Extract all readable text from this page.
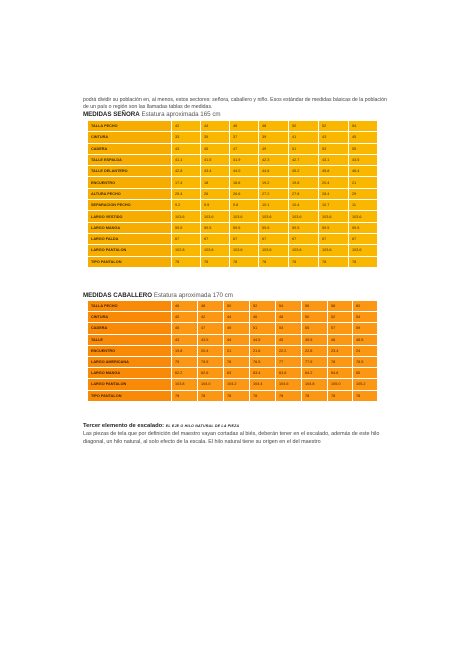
podrá dividir su población en, al menos, estos sectores: señora, caballero y niño. Esos estándar de medidas básicas de la población de un país o región son las llamadas tablas de medidas.
MEDIDAS SEÑORA Estatura aproximada 165 cm
TALLA PECHO	42	44	46	48	50	52	54
CINTURA	33	35	37	39	41	43	45
CADERA	43	45	47	49	51	53	55
TALLE ESPALDA	41.1	41.5	41.9	42.3	42.7	43.1	43.5
TALLE DELANTERO	42.8	43.4	44.0	44.6	45.2	45.8	46.4
ENCUENTRO	17.4	18	18.6	19.2	19.8	20.4	21
ALTURA PECHO	25.4	26	26.6	27.2	27.8	28.4	29
SEPARACION PECHO	9.2	9.5	9.8	10.1	10.4	10.7	11
LARGO VESTIDO	103.6	103.6	103.6	103.6	103.6	103.6	103.6
LARGO MANGA	59.5	59.5	59.5	59.5	59.5	59.5	59.5
LARGO FALDA	67	67	67	67	67	67	67
LARGO PANTALON	102.8	103.6	103.6	103.6	103.6	103.6	103.6
TIPO PANTALON	78	78	78	78	78	78	78
MEDIDAS CABALLERO Estatura aproximada 170 cm
TALLA PECHO	46	48	50	52	54	56	58	60
CINTURA	40	42	44	46	48	50	52	54
CADERA	45	47	49	51	53	55	57	59
TALLE	43	43.5	44	44.5	45	45.5	46	46.5
ENCUENTRO	19.8	20.4	21	21.6	22.2	22.8	23.4	24
LARGO AMERICANA	75	75.5	76	76.5	77	77.5	78	78.5
LARGO MANGA	62.2	62.6	63	63.4	63.8	64.2	64.6	65
LARGO PANTALON	103.8	104.0	104.2	104.4	104.6	104.8	105.0	105.2
TIPO PANTALON	78	78	78	78	78	78	78	78
Tercer elemento de escalado: EL EJE O HILO NATURAL DE LA PIEZA
Las piezas de tela que por definición del maestro vayan cortadas al biés, deberán tener en el escalado, además de este hilo diagonal, un hilo natural, al solo efecto de la escala. El hilo natural tiene su origen en el del maestro
